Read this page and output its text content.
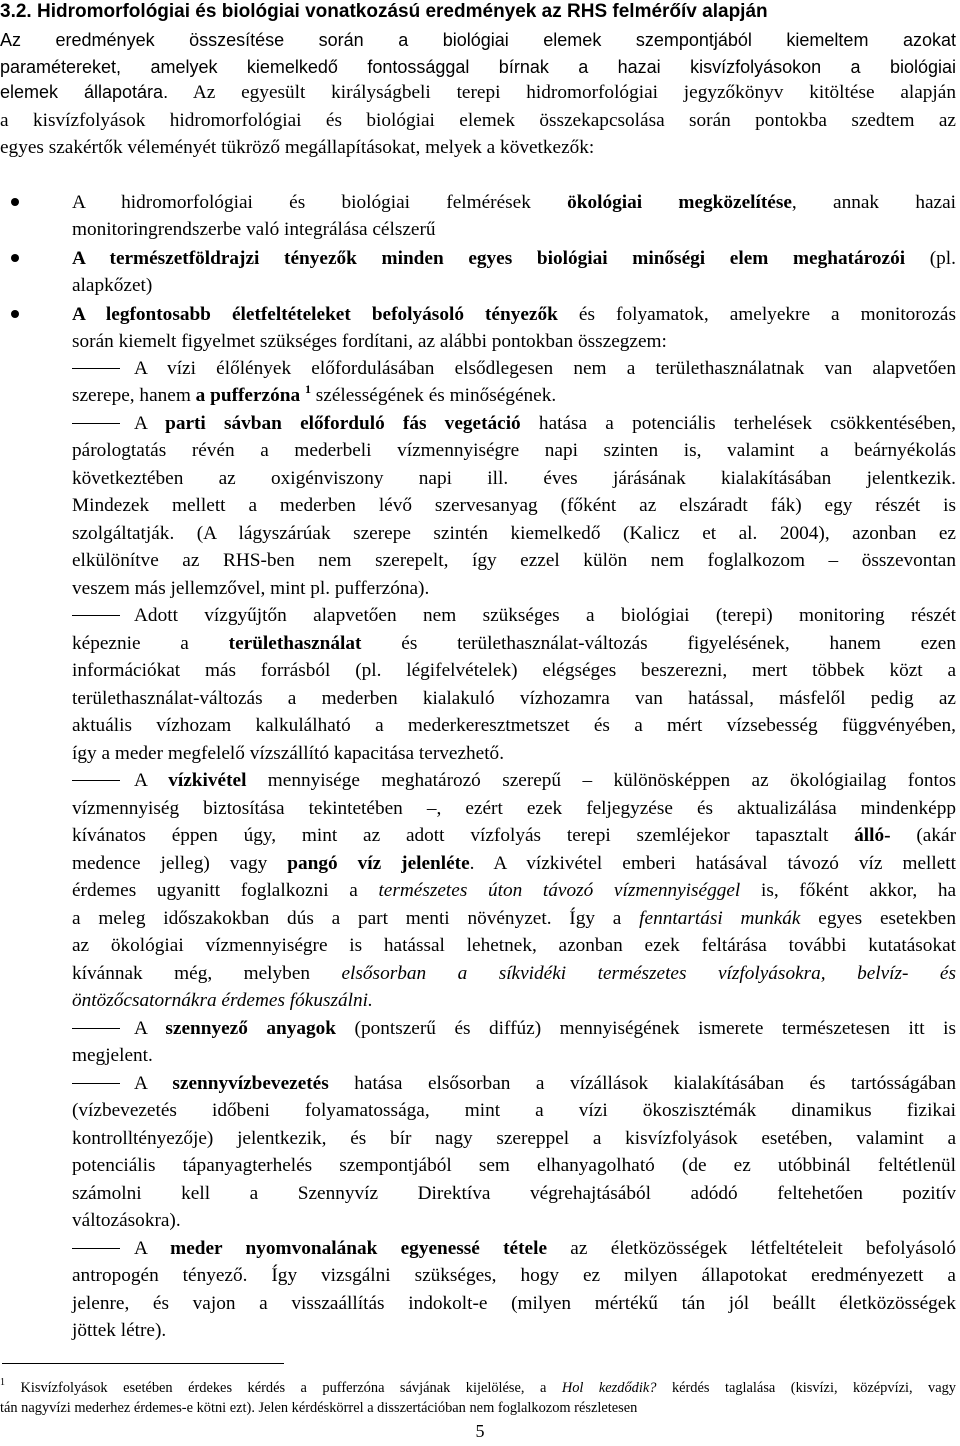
3.2. Hidromorfológiai és biológiai vonatkozású eredmények az RHS felmérőív alapján
Az eredmények összesítése során a biológiai elemek szempontjából kiemeltem azokat
paramétereket, amelyek kiemelkedő fontossággal bírnak a hazai kisvízfolyásokon a biológiai
elemek állapotára. Az egyesült királyságbeli terepi hidromorfológiai jegyzőkönyv kitöltése alapján
a kisvízfolyások hidromorfológiai és biológiai elemek összekapcsolása során pontokba szedtem az
egyes szakértők véleményét tükröző megállapításokat, melyek a következők:
A hidromorfológiai és biológiai felmérések ökológiai megközelítése, annak hazai
monitoringrendszerbe való integrálása célszerű
A természetföldrajzi tényezők minden egyes biológiai minőségi elem meghatározói (pl.
alapkőzet)
A legfontosabb életfeltételeket befolyásoló tényezők és folyamatok, amelyekre a monitorozás
során kiemelt figyelmet szükséges fordítani, az alábbi pontokban összegzem:
A vízi élőlények előfordulásában elsődlegesen nem a területhasználatnak van alapvetően
szerepe, hanem a pufferzóna $^1$ szélességének és minőségének.
A parti sávban előforduló fás vegetáció hatása a potenciális terhelések csökkentésében,
párologtatás révén a mederbeli vízmennyiségre napi szinten is, valamint a beárnyékolás
következtében az oxigénviszony napi ill. éves járásának kialakításában jelentkezik.
Mindezek mellett a mederben lévő szervesanyag (főként az elszáradt fák) egy részét is
szolgáltatják. (A lágyszárúak szerepe szintén kiemelkedő (Kalicz et al. 2004), azonban ez
elkülönítve az RHS-ben nem szerepelt, így ezzel külön nem foglalkozom – összevontan
veszem más jellemzővel, mint pl. pufferzóna).
Adott vízgyűjtőn alapvetően nem szükséges a biológiai (terepi) monitoring részét
képeznie a területhasználat és területhasználat-változás figyelésének, hanem ezen
információkat más forrásból (pl. légifelvételek) elégséges beszerezni, mert többek közt a
területhasználat-változás a mederben kialakuló vízhozamra van hatással, másfelől pedig az
aktuális vízhozam kalkulálható a mederkeresztmetszet és a mért vízsebesség függvényében,
így a meder megfelelő vízszállító kapacitása tervezhető.
A vízkivétel mennyisége meghatározó szerepű – különösképpen az ökológiailag fontos
vízmennyiség biztosítása tekintetében –, ezért ezek feljegyzése és aktualizálása mindenképp
kívánatos éppen úgy, mint az adott vízfolyás terepi szemléjekor tapasztalt álló- (akár
medence jelleg) vagy pangó víz jelenléte. A vízkivétel emberi hatásával távozó víz mellett
érdemes ugyanitt foglalkozni a természetes úton távozó vízmennyiséggel is, főként akkor, ha
a meleg időszakokban dús a part menti növényzet. Így a fenntartási munkák egyes esetekben
az ökológiai vízmennyiségre is hatással lehetnek, azonban ezek feltárása további kutatásokat
kívánnak még, melyben elsősorban a síkvidéki természetes vízfolyásokra, belvíz- és
öntözőcsatornákra érdemes fókuszálni.
A szennyező anyagok (pontszerű és diffúz) mennyiségének ismerete természetesen itt is
megjelent.
A szennyvízbevezetés hatása elsősorban a vízállások kialakításában és tartósságában
(vízbevezetés időbeni folyamatossága, mint a vízi ökoszisztémák dinamikus fizikai
kontrolltényezője) jelentkezik, és bír nagy szereppel a kisvízfolyások esetében, valamint a
potenciális tápanyagterhelés szempontjából sem elhanyagolható (de ez utóbbinál feltétlenül
számolni kell a Szennyvíz Direktíva végrehajtásából adódó feltehetően pozitív
változásokra).
A meder nyomvonalának egyenessé tétele az életközösségek létfeltételeit befolyásoló
antropogén tényező. Így vizsgálni szükséges, hogy ez milyen állapotokat eredményezett a
jelenre, és vajon a visszaállítás indokolt-e (milyen mértékű tán jól beállt életközösségek
jöttek létre).
$^1$ Kisvízfolyások esetében érdekes kérdés a pufferzóna sávjának kijelölése, a Hol kezdődik? kérdés taglalása (kisvízi, középvízi, vagy
tán nagyvízi mederhez érdemes-e kötni ezt). Jelen kérdéskörrel a disszertációban nem foglalkozom részletesen
5
